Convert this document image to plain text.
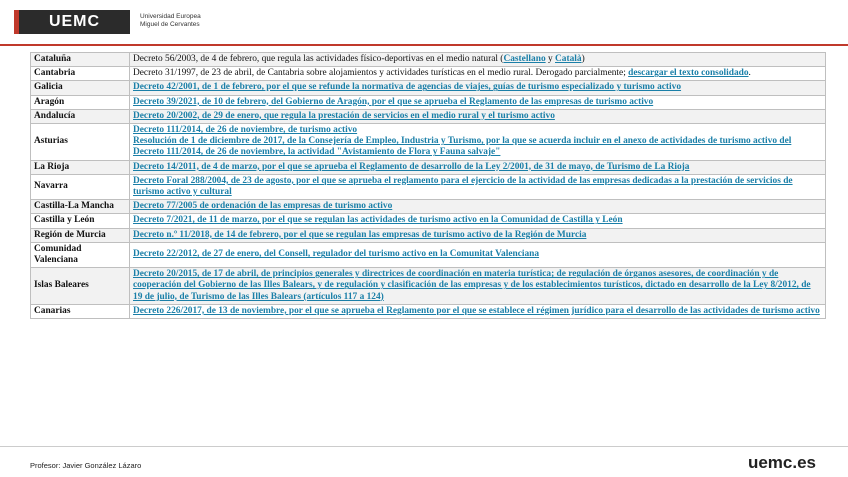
UEMC	Universidad Europea
Miguel de Cervantes
Cataluña	Decreto 56/2003, de 4 de febrero, que regula las actividades físico-deportivas en el medio natural (Castellano y Català)
Cantabria	Decreto 31/1997, de 23 de abril, de Cantabria sobre alojamientos y actividades turísticas en el medio rural. Derogado parcialmente; descargar el texto consolidado.
Galicia	Decreto 42/2001, de 1 de febrero, por el que se refunde la normativa de agencias de viajes, guías de turismo especializado y turismo activo
Aragón	Decreto 39/2021, de 10 de febrero, del Gobierno de Aragón, por el que se aprueba el Reglamento de las empresas de turismo activo
Andalucía	Decreto 20/2002, de 29 de enero, que regula la prestación de servicios en el medio rural y el turismo activo
Asturias	Decreto 111/2014, de 26 de noviembre, de turismo activo
Resolución de 1 de diciembre de 2017, de la Consejería de Empleo, Industria y Turismo, por la que se acuerda incluir en el anexo de actividades de turismo activo del Decreto 111/2014, de 26 de noviembre, la actividad "Avistamiento de Flora y Fauna salvaje"
La Rioja	Decreto 14/2011, de 4 de marzo, por el que se aprueba el Reglamento de desarrollo de la Ley 2/2001, de 31 de mayo, de Turismo de La Rioja
Navarra	Decreto Foral 288/2004, de 23 de agosto, por el que se aprueba el reglamento para el ejercicio de la actividad de las empresas dedicadas a la prestación de servicios de turismo activo y cultural
Castilla-La Mancha	Decreto 77/2005 de ordenación de las empresas de turismo activo
Castilla y León	Decreto 7/2021, de 11 de marzo, por el que se regulan las actividades de turismo activo en la Comunidad de Castilla y León
Región de Murcia	Decreto n.º 11/2018, de 14 de febrero, por el que se regulan las empresas de turismo activo de la Región de Murcia
Comunidad Valenciana	Decreto 22/2012, de 27 de enero, del Consell, regulador del turismo activo en la Comunitat Valenciana
Islas Baleares	Decreto 20/2015, de 17 de abril, de principios generales y directrices de coordinación en materia turística; de regulación de órganos asesores, de coordinación y de cooperación del Gobierno de las Illes Balears, y de regulación y clasificación de las empresas y de los establecimientos turísticos, dictado en desarrollo de la Ley 8/2012, de 19 de julio, de Turismo de las Illes Balears (artículos 117 a 124)
Canarias	Decreto 226/2017, de 13 de noviembre, por el que se aprueba el Reglamento por el que se establece el régimen jurídico para el desarrollo de las actividades de turismo activo
Profesor: Javier González Lázaro	uemc.es
